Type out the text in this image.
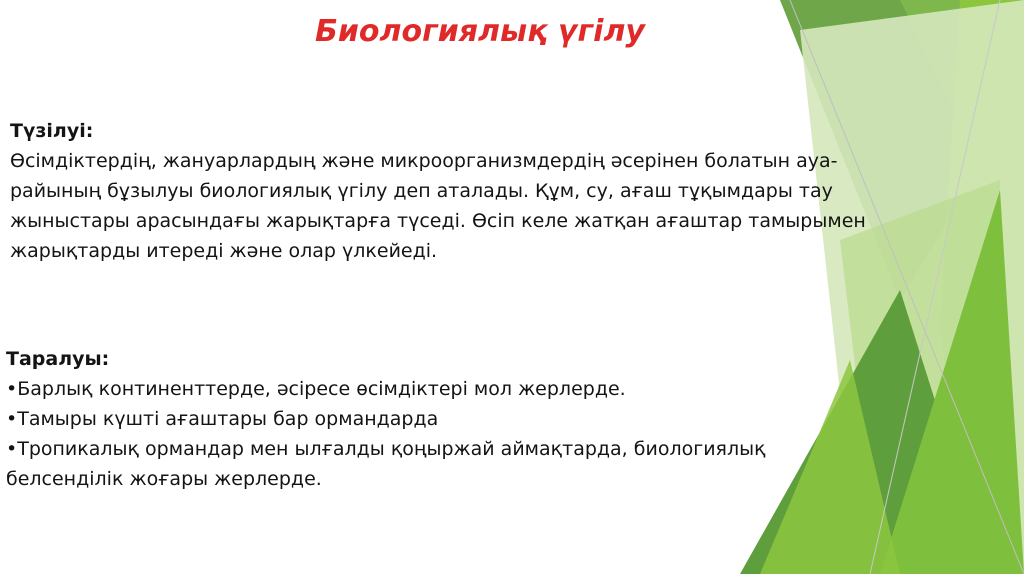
Биологиялық үгілу
Түзілуі:
Өсімдіктердің, жануарлардың және микроорганизмдердің әсерінен болатын ауа-
райының бұзылуы биологиялық үгілу деп аталады. Құм, су, ағаш тұқымдары тау
жыныстары арасындағы жарықтарға түседі. Өсіп келе жатқан ағаштар тамырымен
жарықтарды итереді және олар үлкейеді.
Таралуы:
•Барлық континенттерде, әсіресе өсімдіктері мол жерлерде.
•Тамыры күшті ағаштары бар ормандарда
•Тропикалық ормандар мен ылғалды қоңыржай аймақтарда, биологиялық
белсенділік жоғары жерлерде.
